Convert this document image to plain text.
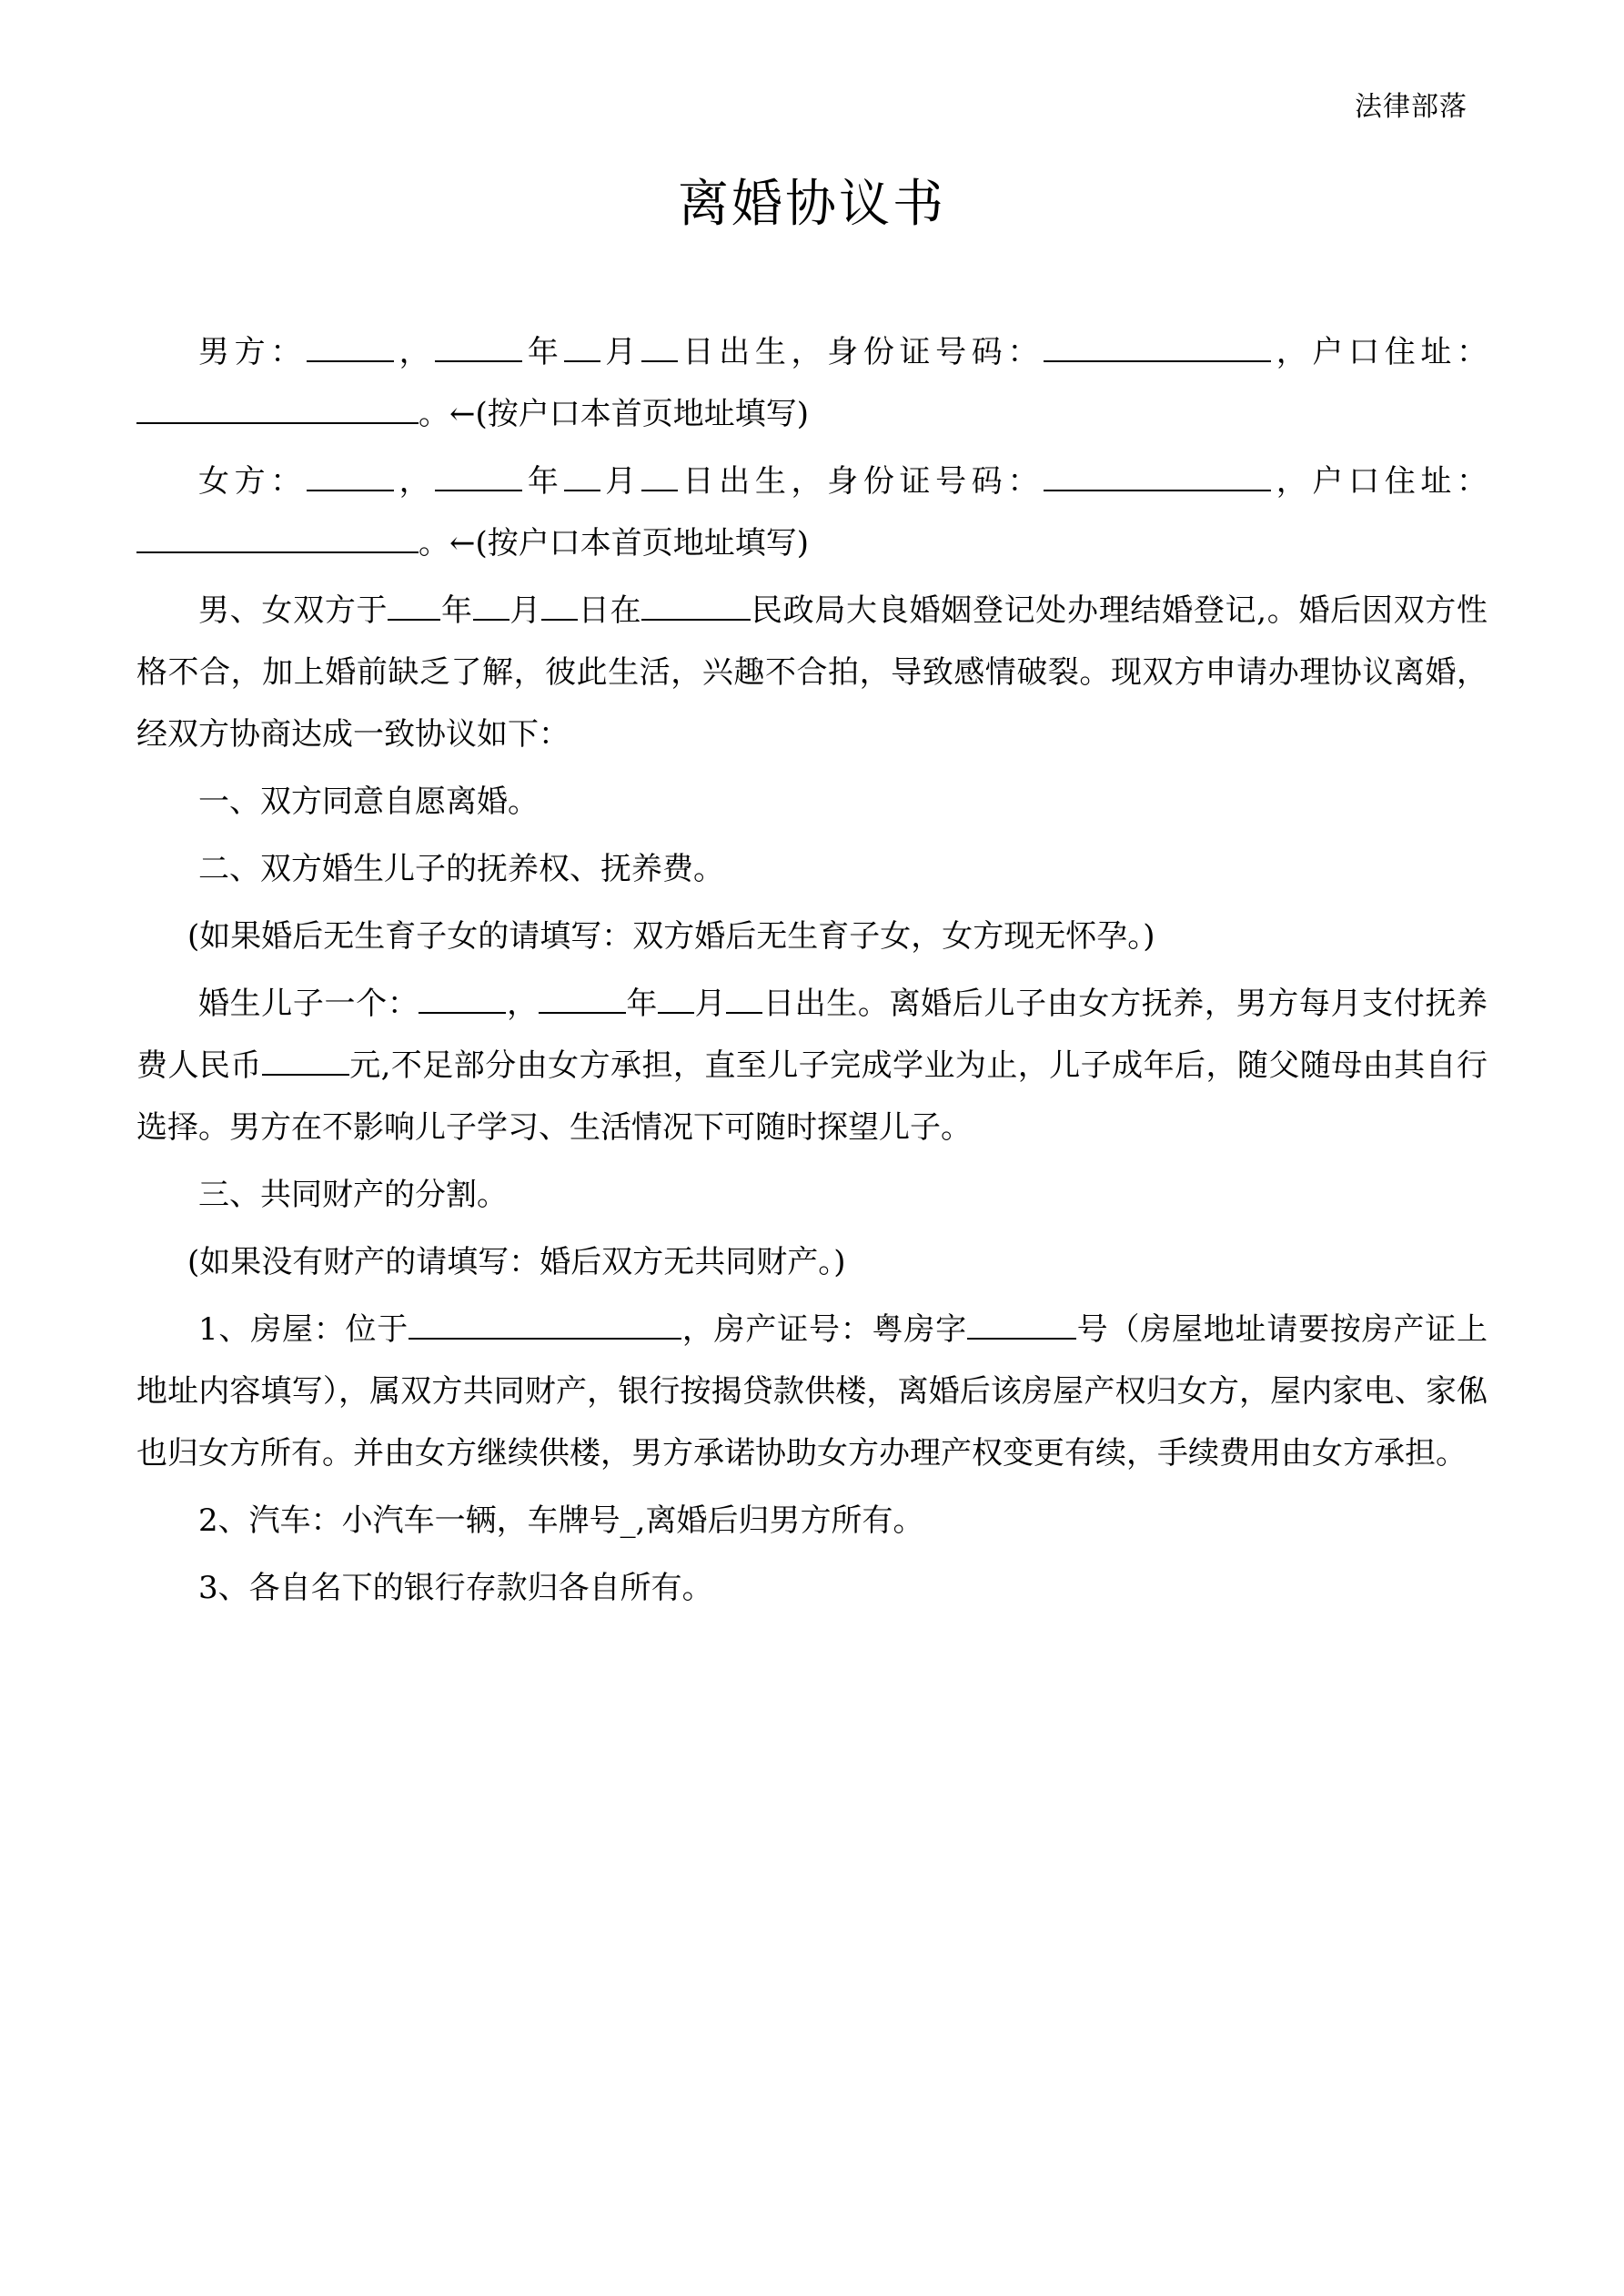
法律部落
离婚协议书

男方：	，	年 月 日出生，身份证号码：	，户口住址：。←(按户口本首页地址填写)

女方：	，	年 月 日出生，身份证号码：	，户口住址：。←(按户口本首页地址填写)

男、女双方于 年 月 日在	民政局大良婚姻登记处办理结婚登记,。婚后因双方性格不合，加上婚前缺乏了解，彼此生活，兴趣不合拍，导致感情破裂。现双方申请办理协议离婚，经双方协商达成一致协议如下：

一、双方同意自愿离婚。

二、双方婚生儿子的抚养权、抚养费。

(如果婚后无生育子女的请填写：双方婚后无生育子女，女方现无怀孕。)

婚生儿子一个：	，	年 月 日出生。离婚后儿子由女方抚养，男方每月支付抚养费人民币	元,不足部分由女方承担，直至儿子完成学业为止，儿子成年后，随父随母由其自行选择。男方在不影响儿子学习、生活情况下可随时探望儿子。

三、共同财产的分割。

(如果没有财产的请填写：婚后双方无共同财产。)

1、房屋：位于	，房产证号：粤房字	号（房屋地址请要按房产证上地址内容填写），属双方共同财产，银行按揭贷款供楼，离婚后该房屋产权归女方，屋内家电、家俬也归女方所有。并由女方继续供楼，男方承诺协助女方办理产权变更有续，手续费用由女方承担。

2、汽车：小汽车一辆，车牌号_,离婚后归男方所有。

3、各自名下的银行存款归各自所有。
